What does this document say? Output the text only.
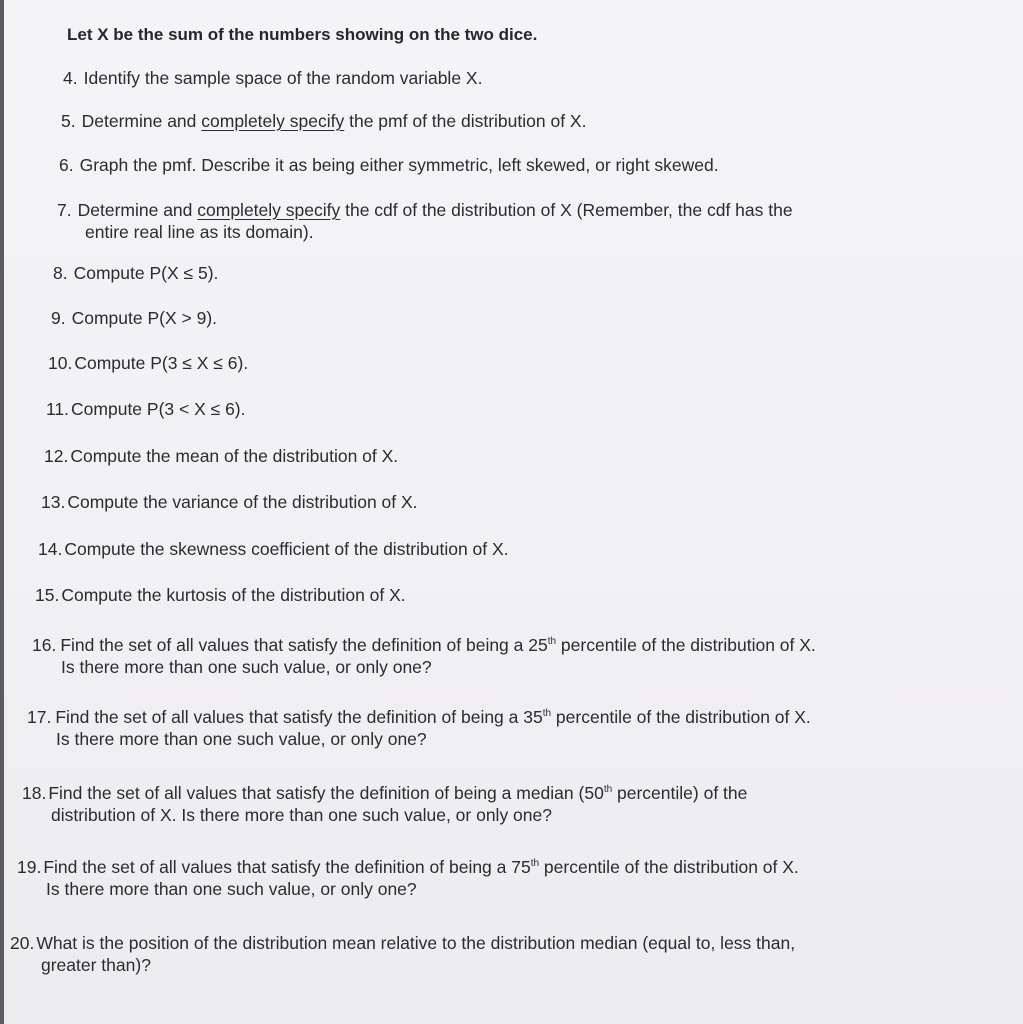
Let X be the sum of the numbers showing on the two dice.
4. Identify the sample space of the random variable X.
5. Determine and completely specify the pmf of the distribution of X.
6. Graph the pmf. Describe it as being either symmetric, left skewed, or right skewed.
7. Determine and completely specify the cdf of the distribution of X (Remember, the cdf has the
entire real line as its domain).
8. Compute P(X ≤ 5).
9. Compute P(X > 9).
10. Compute P(3 ≤ X ≤ 6).
11. Compute P(3 < X ≤ 6).
12. Compute the mean of the distribution of X.
13. Compute the variance of the distribution of X.
14. Compute the skewness coefficient of the distribution of X.
15. Compute the kurtosis of the distribution of X.
16. Find the set of all values that satisfy the definition of being a 25th percentile of the distribution of X.
Is there more than one such value, or only one?
17. Find the set of all values that satisfy the definition of being a 35th percentile of the distribution of X.
Is there more than one such value, or only one?
18. Find the set of all values that satisfy the definition of being a median (50th percentile) of the
distribution of X. Is there more than one such value, or only one?
19. Find the set of all values that satisfy the definition of being a 75th percentile of the distribution of X.
Is there more than one such value, or only one?
20. What is the position of the distribution mean relative to the distribution median (equal to, less than,
greater than)?
